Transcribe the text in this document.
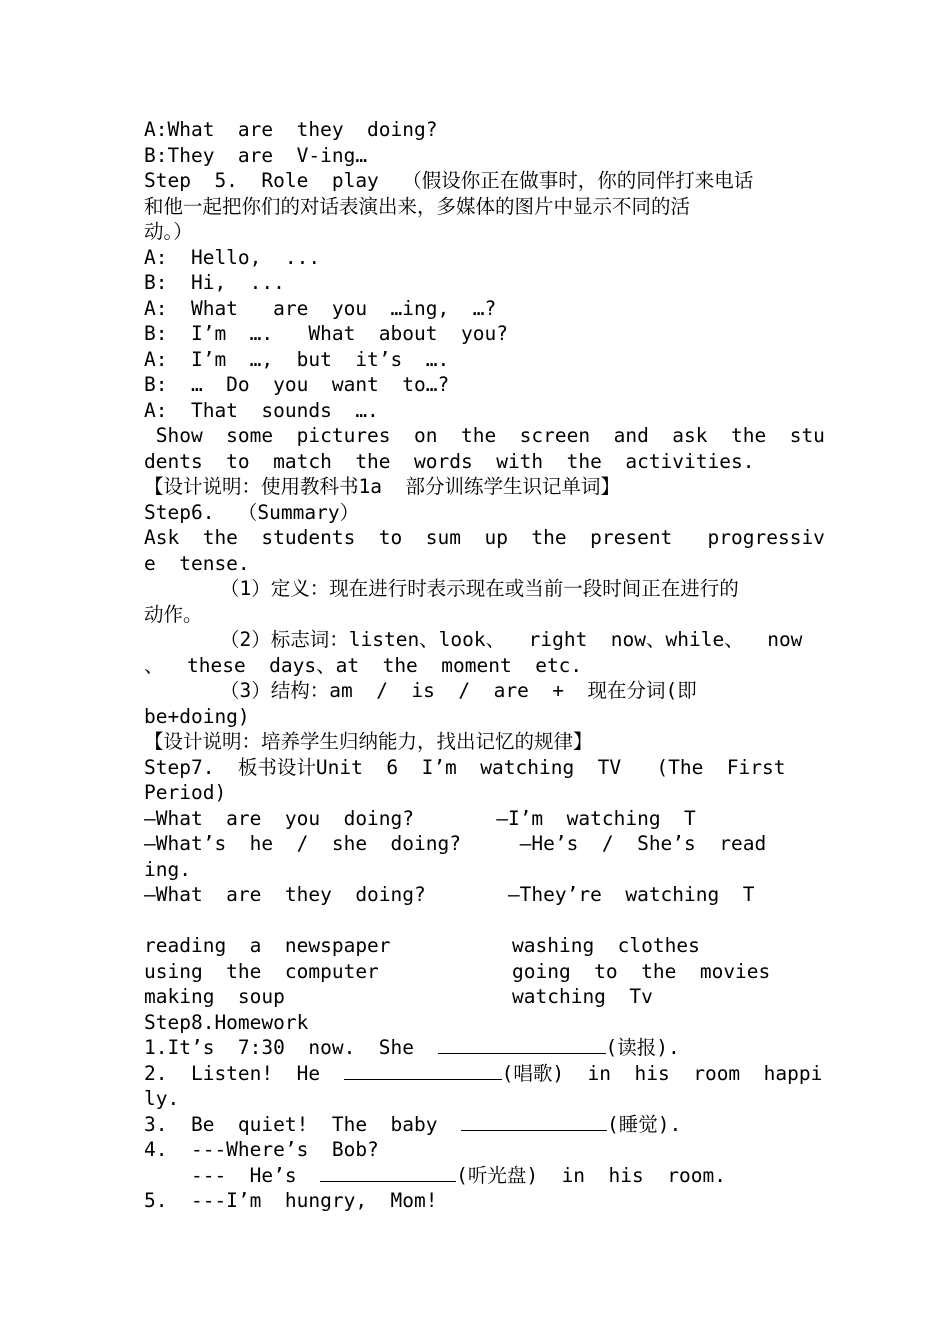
A:What  are  they  doing?
B:They  are  V-ing…
Step  5.  Role  play  （假设你正在做事时，你的同伴打来电话
和他一起把你们的对话表演出来，多媒体的图片中显示不同的活
动。）
A:  Hello,  ...
B:  Hi,  ...
A:  What   are  you  …ing,  …?
B:  I’m  ….   What  about  you?
A:  I’m  …,  but  it’s  ….
B:  …  Do  you  want  to…?
A:  That  sounds  ….
Show  some  pictures  on  the  screen  and  ask  the  stu
dents  to  match  the  words  with  the  activities.
【设计说明：使用教科书1a  部分训练学生识记单词】
Step6.  （Summary）
Ask  the  students  to  sum  up  the  present   progressiv
e  tense.
（1）定义：现在进行时表示现在或当前一段时间正在进行的
动作。
（2）标志词：listen、look、  right  now、while、  now
、  these  days、at  the  moment  etc.
（3）结构：am  /  is  /  are  +  现在分词(即
be+doing)
【设计说明：培养学生归纳能力，找出记忆的规律】
Step7.  板书设计Unit  6  I’m  watching  TV   (The  First
Period)
—What  are  you  doing?       —I’m  watching  T
—What’s  he  /  she  doing?     —He’s  /  She’s  read
ing.
—What  are  they  doing?       —They’re  watching  T
reading  a  newspaper	washing  clothes
using  the  computer	going  to  the  movies
making  soup	watching  Tv
Step8.Homework
1.It’s  7:30  now.  She	(读报).
2.  Listen!  He	(唱歌)  in  his  room  happi
ly.
3.  Be  quiet!  The  baby	(睡觉).
4.  ---Where’s  Bob?
---  He’s	(听光盘)  in  his  room.
5.  ---I’m  hungry,  Mom!
